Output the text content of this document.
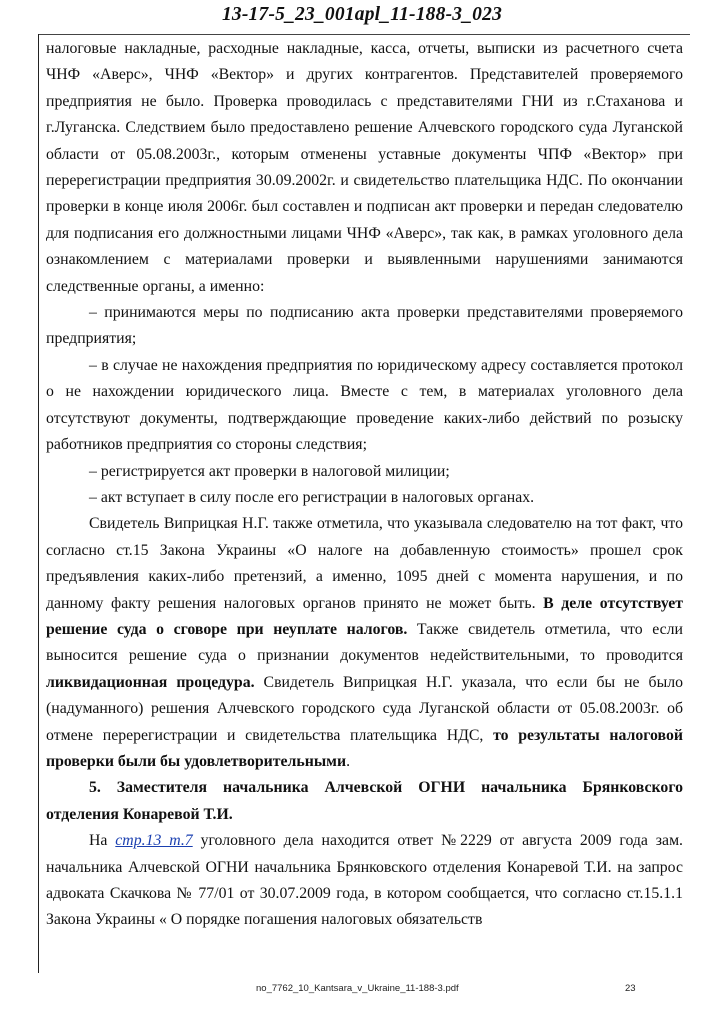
13-17-5_23_001apl_11-188-3_023

налоговые накладные, расходные накладные, касса, отчеты, выписки из расчетного счета ЧНФ «Аверс», ЧНФ «Вектор» и других контрагентов. Представителей проверяемого предприятия не было. Проверка проводилась с представителями ГНИ из г.Стаханова и г.Луганска. Следствием было предоставлено решение Алчевского городского суда Луганской области от 05.08.2003г., которым отменены уставные документы ЧПФ «Вектор» при перерегистрации предприятия 30.09.2002г. и свидетельство плательщика НДС. По окончании проверки в конце июля 2006г. был составлен и подписан акт проверки и передан следователю для подписания его должностными лицами ЧНФ «Аверс», так как, в рамках уголовного дела ознакомлением с материалами проверки и выявленными нарушениями занимаются следственные органы, а именно:

– принимаются меры по подписанию акта проверки представителями проверяемого предприятия;

– в случае не нахождения предприятия по юридическому адресу составляется протокол о не нахождении юридического лица. Вместе с тем, в материалах уголовного дела отсутствуют документы, подтверждающие проведение каких-либо действий по розыску работников предприятия со стороны следствия;

– регистрируется акт проверки в налоговой милиции;

– акт вступает в силу после его регистрации в налоговых органах.

Свидетель Виприцкая Н.Г. также отметила, что указывала следователю на тот факт, что согласно ст.15 Закона Украины «О налоге на добавленную стоимость» прошел срок предъявления каких-либо претензий, а именно, 1095 дней с момента нарушения, и по данному факту решения налоговых органов принято не может быть. В деле отсутствует решение суда о сговоре при неуплате налогов. Также свидетель отметила, что если выносится решение суда о признании документов недействительными, то проводится ликвидационная процедура. Свидетель Виприцкая Н.Г. указала, что если бы не было (надуманного) решения Алчевского городского суда Луганской области от 05.08.2003г. об отмене перерегистрации и свидетельства плательщика НДС, то результаты налоговой проверки были бы удовлетворительными.

5. Заместителя начальника Алчевской ОГНИ начальника Брянковского отделения Конаревой Т.И.

На стр.13 т.7 уголовного дела находится ответ №2229 от августа 2009 года зам. начальника Алчевской ОГНИ начальника Брянковского отделения Конаревой Т.И. на запрос адвоката Скачкова № 77/01 от 30.07.2009 года, в котором сообщается, что согласно ст.15.1.1 Закона Украины « О порядке погашения налоговых обязательств

no_7762_10_Kantsara_v_Ukraine_11-188-3.pdf	23
